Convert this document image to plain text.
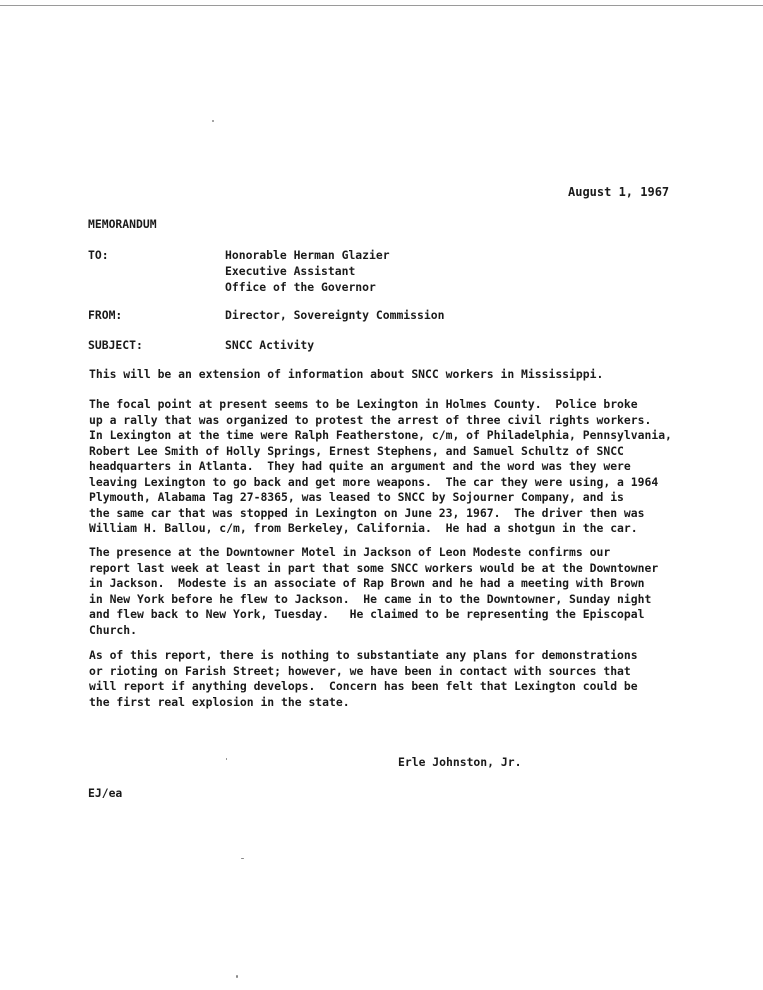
August 1, 1967
MEMORANDUM
TO:	Honorable Herman Glazier
Executive Assistant
Office of the Governor
FROM:	Director, Sovereignty Commission
SUBJECT:	SNCC Activity
This will be an extension of information about SNCC workers in Mississippi.
The focal point at present seems to be Lexington in Holmes County.  Police broke
up a rally that was organized to protest the arrest of three civil rights workers.
In Lexington at the time were Ralph Featherstone, c/m, of Philadelphia, Pennsylvania,
Robert Lee Smith of Holly Springs, Ernest Stephens, and Samuel Schultz of SNCC
headquarters in Atlanta.  They had quite an argument and the word was they were
leaving Lexington to go back and get more weapons.  The car they were using, a 1964
Plymouth, Alabama Tag 27-8365, was leased to SNCC by Sojourner Company, and is
the same car that was stopped in Lexington on June 23, 1967.  The driver then was
William H. Ballou, c/m, from Berkeley, California.  He had a shotgun in the car.
The presence at the Downtowner Motel in Jackson of Leon Modeste confirms our
report last week at least in part that some SNCC workers would be at the Downtowner
in Jackson.  Modeste is an associate of Rap Brown and he had a meeting with Brown
in New York before he flew to Jackson.  He came in to the Downtowner, Sunday night
and flew back to New York, Tuesday.   He claimed to be representing the Episcopal
Church.
As of this report, there is nothing to substantiate any plans for demonstrations
or rioting on Farish Street; however, we have been in contact with sources that
will report if anything develops.  Concern has been felt that Lexington could be
the first real explosion in the state.
Erle Johnston, Jr.
EJ/ea
